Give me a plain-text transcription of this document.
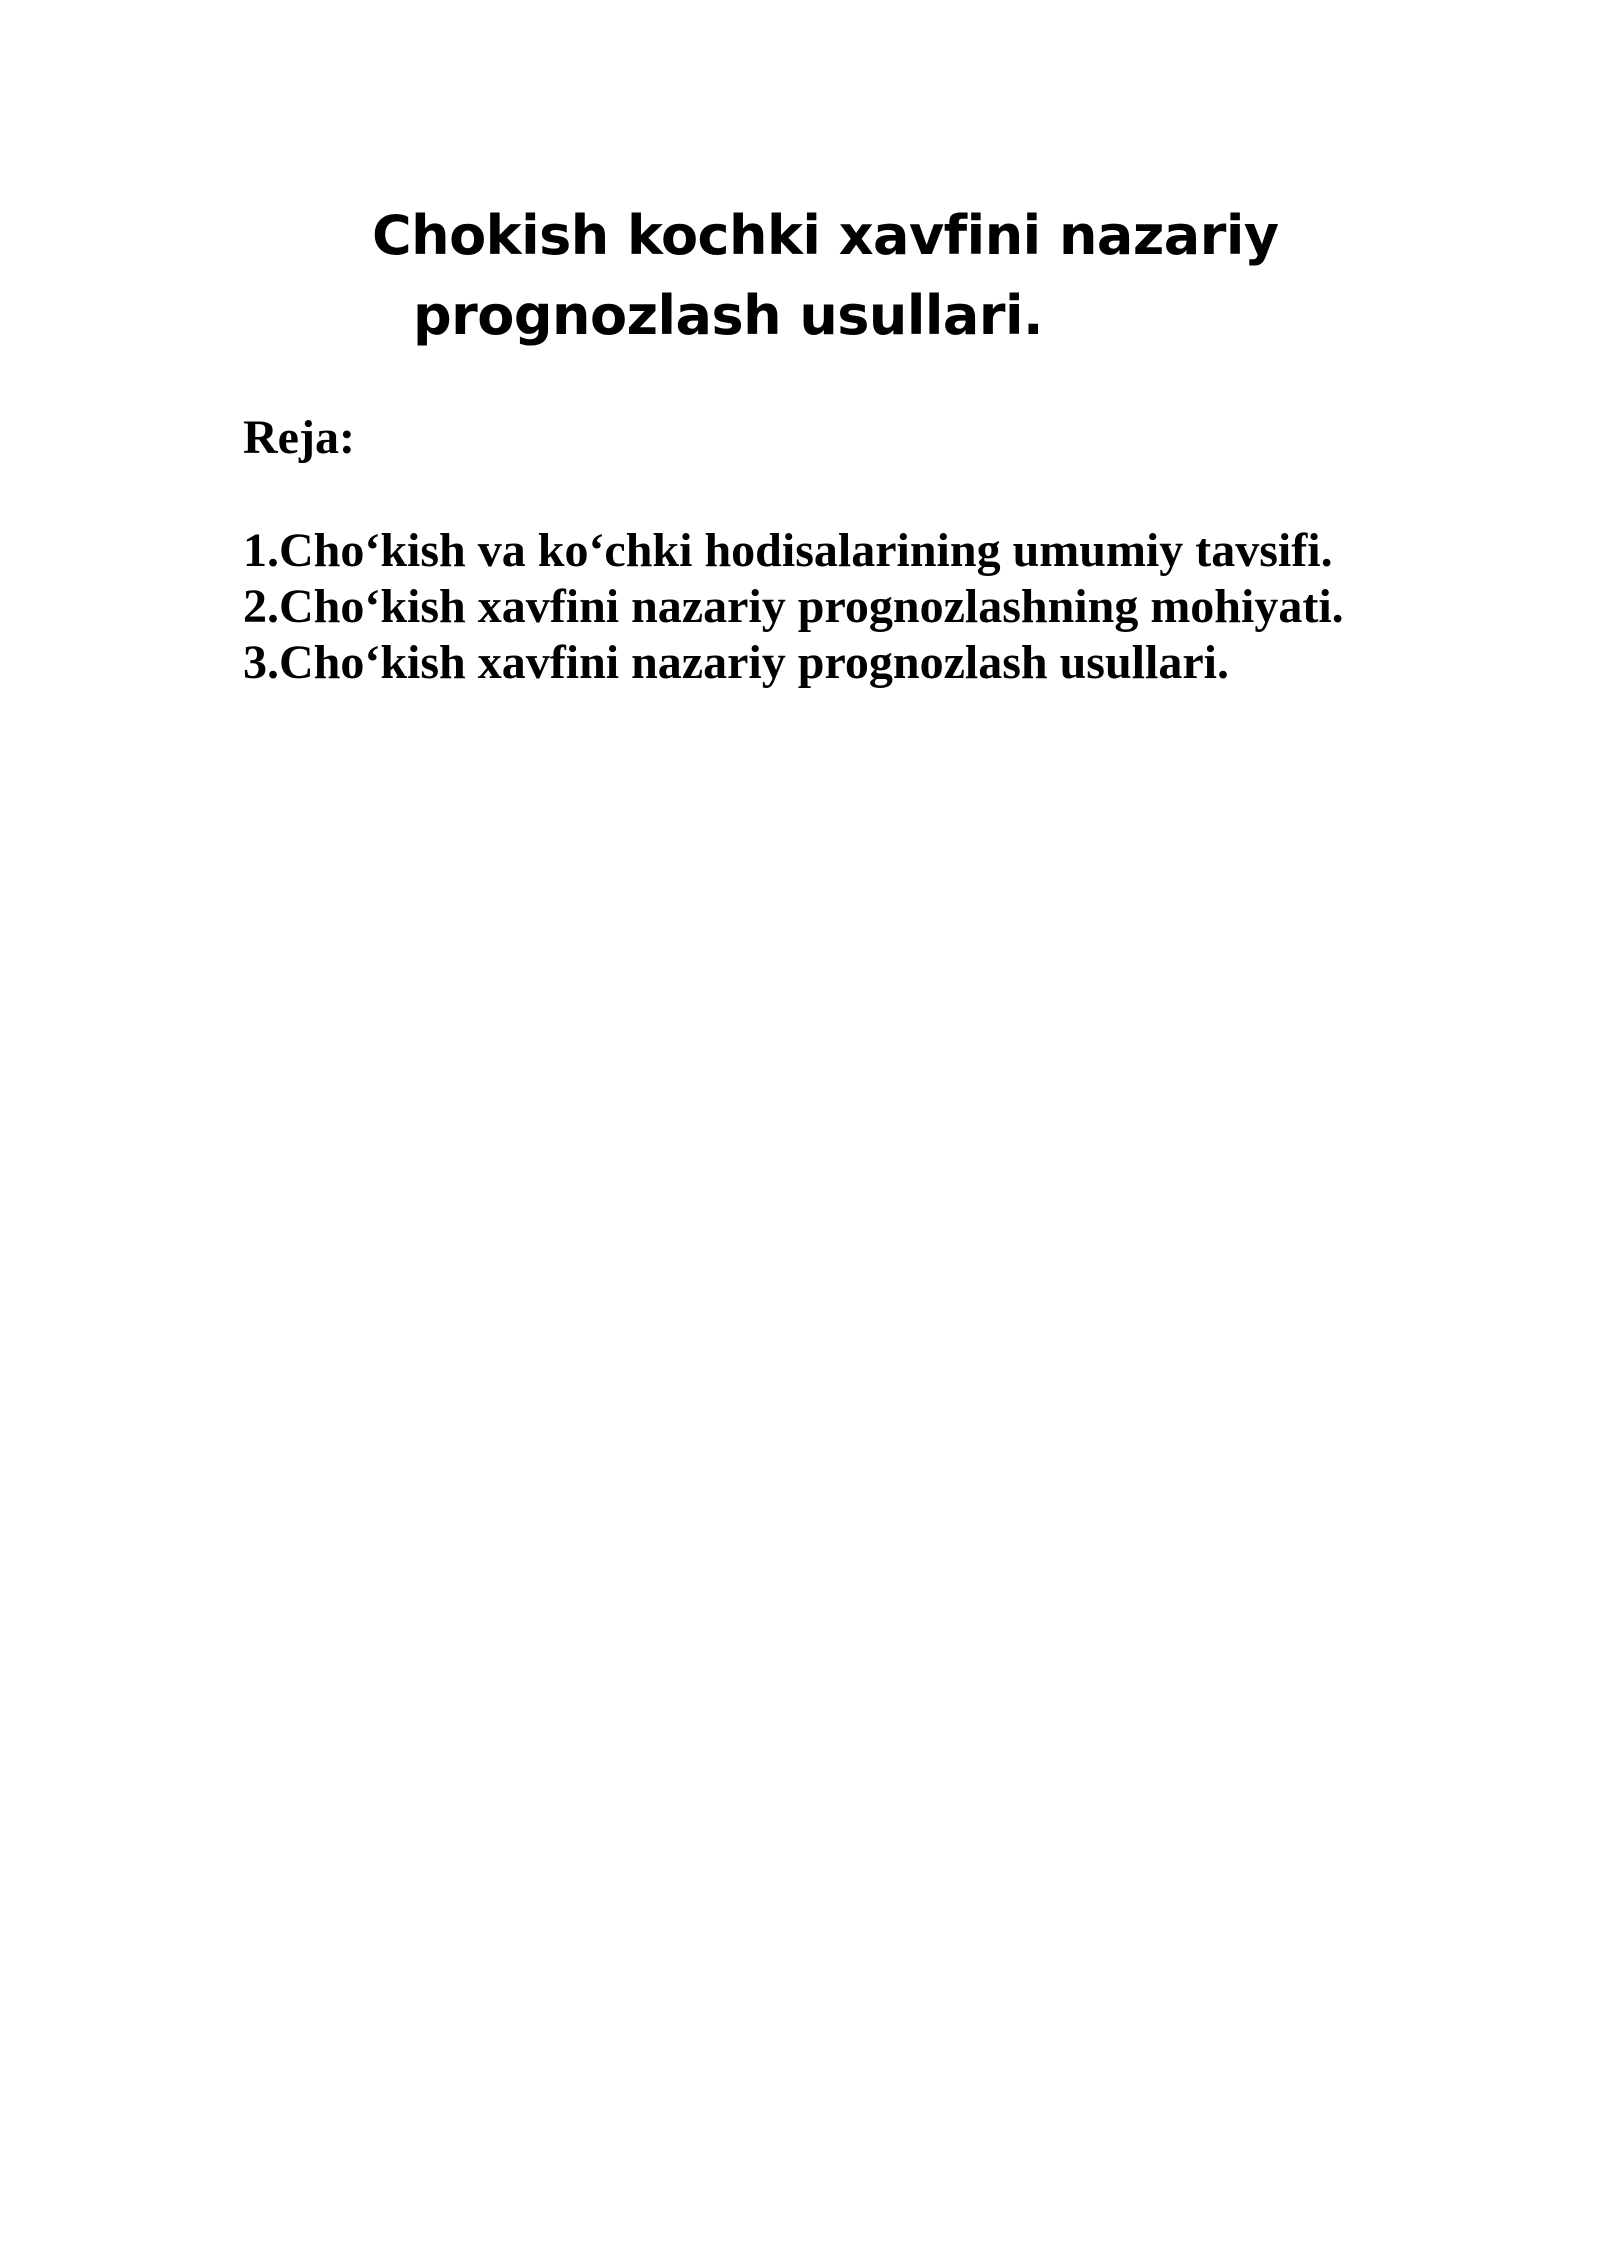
Chokish kochki xavfini nazariy
prognozlash usullari.
Reja:
1.Cho‘kish va ko‘chki hodisalarining umumiy tavsifi.
2.Cho‘kish xavfini nazariy prognozlashning mohiyati.
3.Cho‘kish xavfini nazariy prognozlash usullari.
